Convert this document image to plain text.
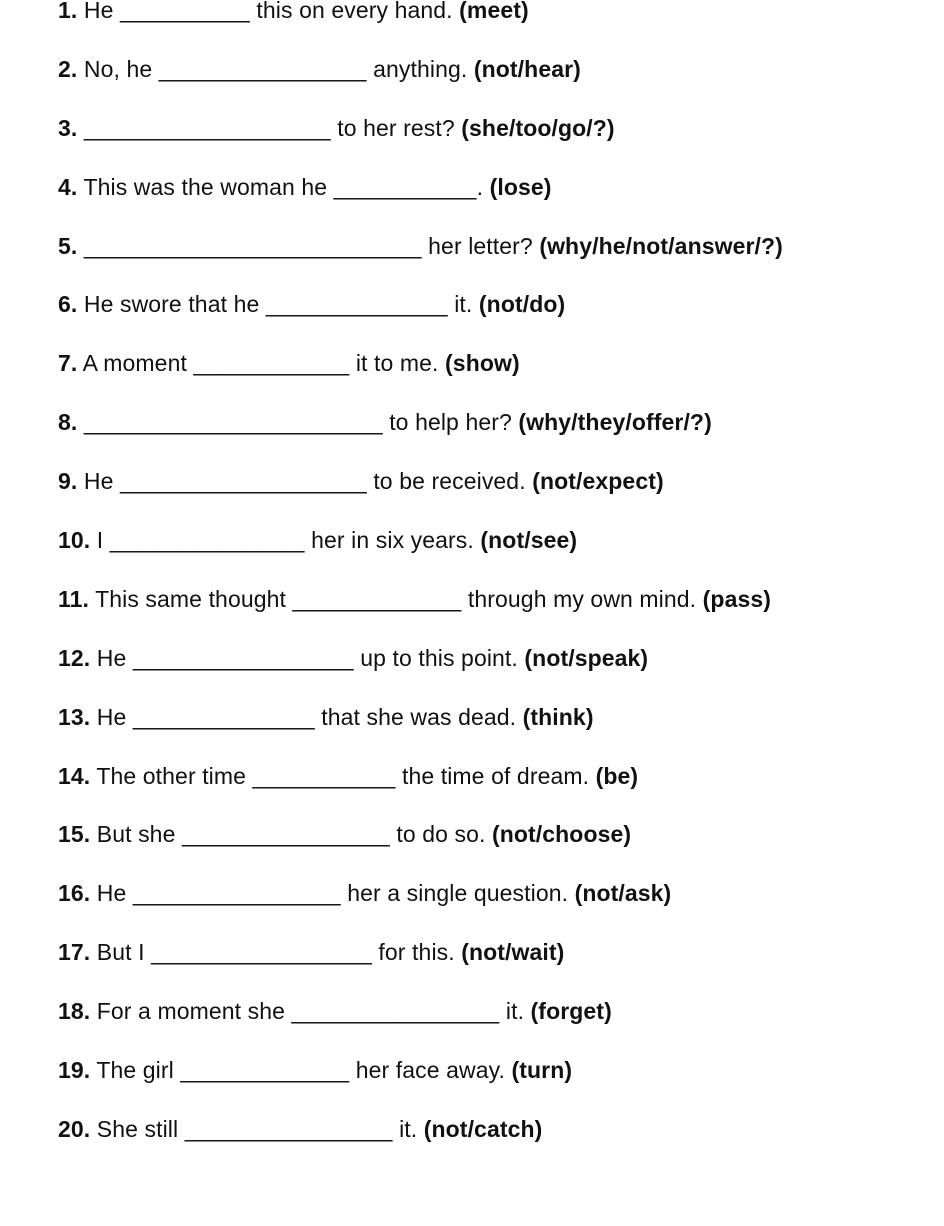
1. He __________ this on every hand. (meet)
2. No, he ________________ anything. (not/hear)
3. ___________________ to her rest? (she/too/go/?)
4. This was the woman he ___________. (lose)
5. __________________________ her letter? (why/he/not/answer/?)
6. He swore that he ______________ it. (not/do)
7. A moment ____________ it to me. (show)
8. _______________________ to help her? (why/they/offer/?)
9. He ___________________ to be received. (not/expect)
10. I _______________ her in six years. (not/see)
11. This same thought _____________ through my own mind. (pass)
12. He _________________ up to this point. (not/speak)
13. He ______________ that she was dead. (think)
14. The other time ___________ the time of dream. (be)
15. But she ________________ to do so. (not/choose)
16. He ________________ her a single question. (not/ask)
17. But I _________________ for this. (not/wait)
18. For a moment she ________________ it. (forget)
19. The girl _____________ her face away. (turn)
20. She still ________________ it. (not/catch)
